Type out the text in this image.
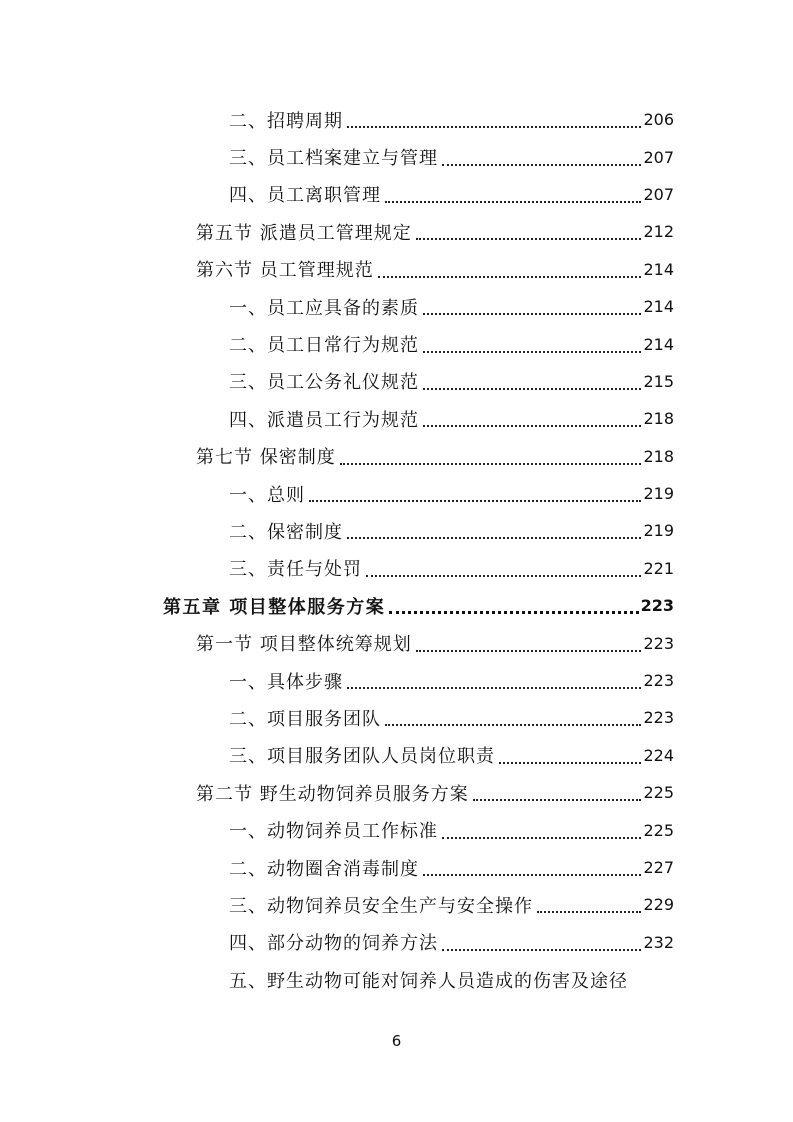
二、招聘周期	206
三、员工档案建立与管理	207
四、员工离职管理	207
第五节 派遣员工管理规定	212
第六节 员工管理规范	214
一、员工应具备的素质	214
二、员工日常行为规范	214
三、员工公务礼仪规范	215
四、派遣员工行为规范	218
第七节 保密制度	218
一、总则	219
二、保密制度	219
三、责任与处罚	221
第五章 项目整体服务方案	223
第一节 项目整体统筹规划	223
一、具体步骤	223
二、项目服务团队	223
三、项目服务团队人员岗位职责	224
第二节 野生动物饲养员服务方案	225
一、动物饲养员工作标准	225
二、动物圈舍消毒制度	227
三、动物饲养员安全生产与安全操作	229
四、部分动物的饲养方法	232
五、野生动物可能对饲养人员造成的伤害及途径
6
